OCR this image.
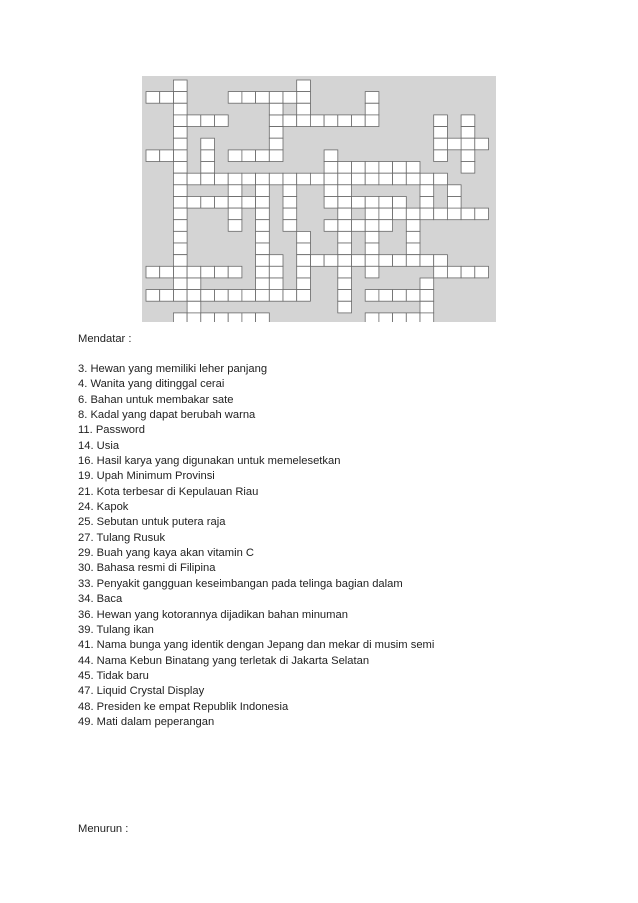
Mendatar :
3. Hewan yang memiliki leher panjang
4. Wanita yang ditinggal cerai
6. Bahan untuk membakar sate
8. Kadal yang dapat berubah warna
11. Password
14. Usia
16. Hasil karya yang digunakan untuk memelesetkan
19. Upah Minimum Provinsi
21. Kota terbesar di Kepulauan Riau
24. Kapok
25. Sebutan untuk putera raja
27. Tulang Rusuk
29. Buah yang kaya akan vitamin C
30. Bahasa resmi di Filipina
33. Penyakit gangguan keseimbangan pada telinga bagian dalam
34. Baca
36. Hewan yang kotorannya dijadikan bahan minuman
39. Tulang ikan
41. Nama bunga yang identik dengan Jepang dan mekar di musim semi
44. Nama Kebun Binatang yang terletak di Jakarta Selatan
45. Tidak baru
47. Liquid Crystal Display
48. Presiden ke empat Republik Indonesia
49. Mati dalam peperangan
Menurun :
